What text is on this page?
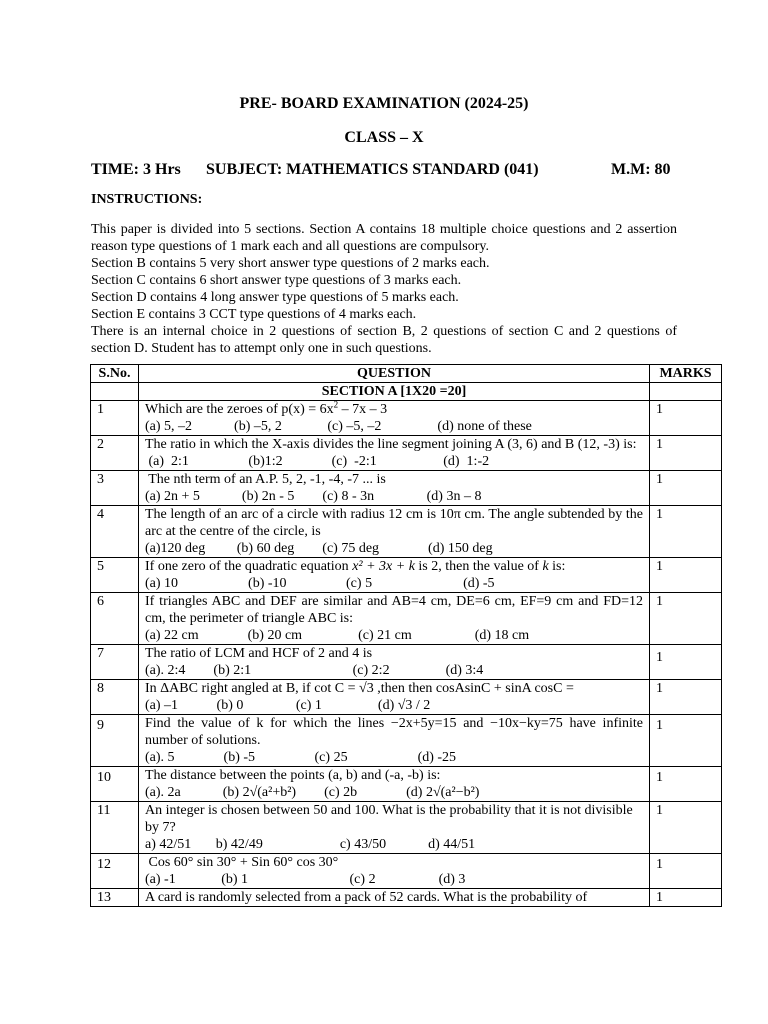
PRE- BOARD EXAMINATION (2024-25)
CLASS – X
TIME: 3 Hrs SUBJECT: MATHEMATICS STANDARD (041)	M.M: 80
INSTRUCTIONS:
This paper is divided into 5 sections. Section A contains 18 multiple choice questions and 2 assertion reason type questions of 1 mark each and all questions are compulsory.
Section B contains 5 very short answer type questions of 2 marks each.
Section C contains 6 short answer type questions of 3 marks each.
Section D contains 4 long answer type questions of 5 marks each.
Section E contains 3 CCT type questions of 4 marks each.
There is an internal choice in 2 questions of section B, 2 questions of section C and 2 questions of section D. Student has to attempt only one in such questions.
S.No.	QUESTION	MARKS
	SECTION A [1X20 =20]	
1	Which are the zeroes of $p(x) = 6x^2 - 7x - 3$
(a) 5, –2            (b) –5, 2             (c) –5, –2                (d) none of these	1
2	The ratio in which the X-axis divides the line segment joining A (3, 6) and B (12, -3) is:
(a)  2:1                 (b)1:2              (c)  -2:1                   (d)  1:-2	1
3	The nth term of an A.P. 5, 2, -1, -4, -7 ... is
(a) 2n + 5            (b) 2n - 5        (c) 8 - 3n               (d) 3n – 8	1
4	The length of an arc of a circle with radius 12 cm is 10π cm. The angle subtended by the arc at the centre of the circle, is
(a)120 deg         (b) 60 deg        (c) 75 deg              (d) 150 deg	1
5	If one zero of the quadratic equation x² + 3x + k is 2, then the value of k is:
(a) 10                    (b) -10                 (c) 5                          (d) -5	1
6	If triangles ABC and DEF are similar and AB=4 cm, DE=6 cm, EF=9 cm and FD=12 cm, the perimeter of triangle ABC is:
(a) 22 cm              (b) 20 cm                (c) 21 cm                  (d) 18 cm	1
7	The ratio of LCM and HCF of 2 and 4 is
(a). 2:4        (b) 2:1                             (c) 2:2                (d) 3:4	1
8	In ΔABC right angled at B, if cot C = √3 ,then then cosAsinC + sinA cosC =
(a) –1           (b) 0               (c) 1                (d) √3 / 2	1
9	Find the value of k for which the lines −2x+5y=15 and −10x−ky=75 have infinite number of solutions.
(a). 5              (b) -5                 (c) 25                    (d) -25	1
10	The distance between the points (a, b) and (-a, -b) is:
(a). 2a            (b) 2√(a²+b²)        (c) 2b              (d) 2√(a²−b²)	1
11	An integer is chosen between 50 and 100. What is the probability that it is not divisible by 7?
a) 42/51       b) 42/49                      c) 43/50            d) 44/51	1
12	Cos 60° sin 30° + Sin 60° cos 30°
(a) -1             (b) 1                             (c) 2                  (d) 3	1
13	A card is randomly selected from a pack of 52 cards. What is the probability of	1
